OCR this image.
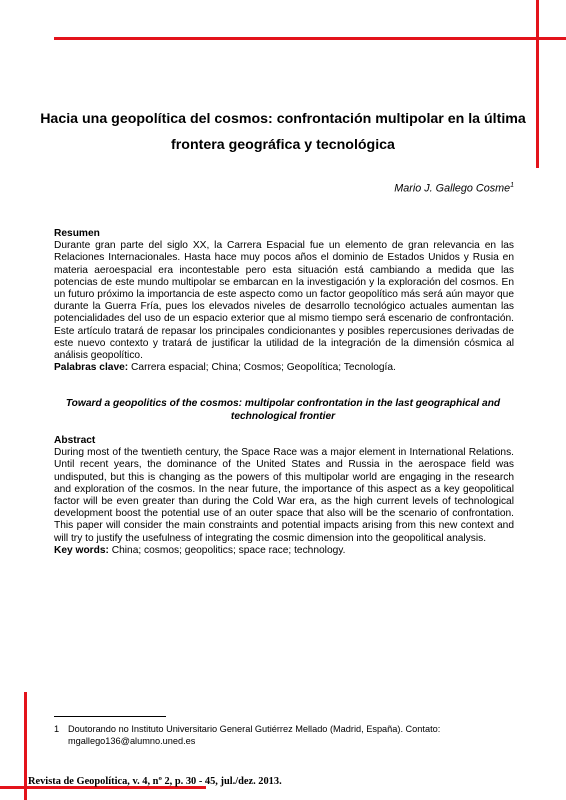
Hacia una geopolítica del cosmos: confrontación multipolar en la última
frontera geográfica y tecnológica
Mario J. Gallego Cosme$^1$
Resumen
Durante gran parte del siglo XX, la Carrera Espacial fue un elemento de gran relevancia en las Relaciones Internacionales. Hasta hace muy pocos años el dominio de Estados Unidos y Rusia en materia aeroespacial era incontestable pero esta situación está cambiando a medida que las potencias de este mundo multipolar se embarcan en la investigación y la exploración del cosmos. En un futuro próximo la importancia de este aspecto como un factor geopolítico más será aún mayor que durante la Guerra Fría, pues los elevados niveles de desarrollo tecnológico actuales aumentan las potencialidades del uso de un espacio exterior que al mismo tiempo será escenario de confrontación. Este artículo tratará de repasar los principales condicionantes y posibles repercusiones derivadas de este nuevo contexto y tratará de justificar la utilidad de la integración de la dimensión cósmica al análisis geopolítico.
Palabras clave: Carrera espacial; China; Cosmos; Geopolítica; Tecnología.
Toward a geopolitics of the cosmos: multipolar confrontation in the last geographical and
technological frontier
Abstract
During most of the twentieth century, the Space Race was a major element in International Relations. Until recent years, the dominance of the United States and Russia in the aerospace field was undisputed, but this is changing as the powers of this multipolar world are engaging in the research and exploration of the cosmos. In the near future, the importance of this aspect as a key geopolitical factor will be even greater than during the Cold War era, as the high current levels of technological development boost the potential use of an outer space that also will be the scenario of confrontation. This paper will consider the main constraints and potential impacts arising from this new context and will try to justify the usefulness of integrating the cosmic dimension into the geopolitical analysis.
Key words: China; cosmos; geopolitics; space race; technology.
1 Doutorando no Instituto Universitario General Gutiérrez Mellado (Madrid, España). Contato:
mgallego136@alumno.uned.es
Revista de Geopolítica, v. 4, nº 2, p. 30 - 45, jul./dez. 2013.
